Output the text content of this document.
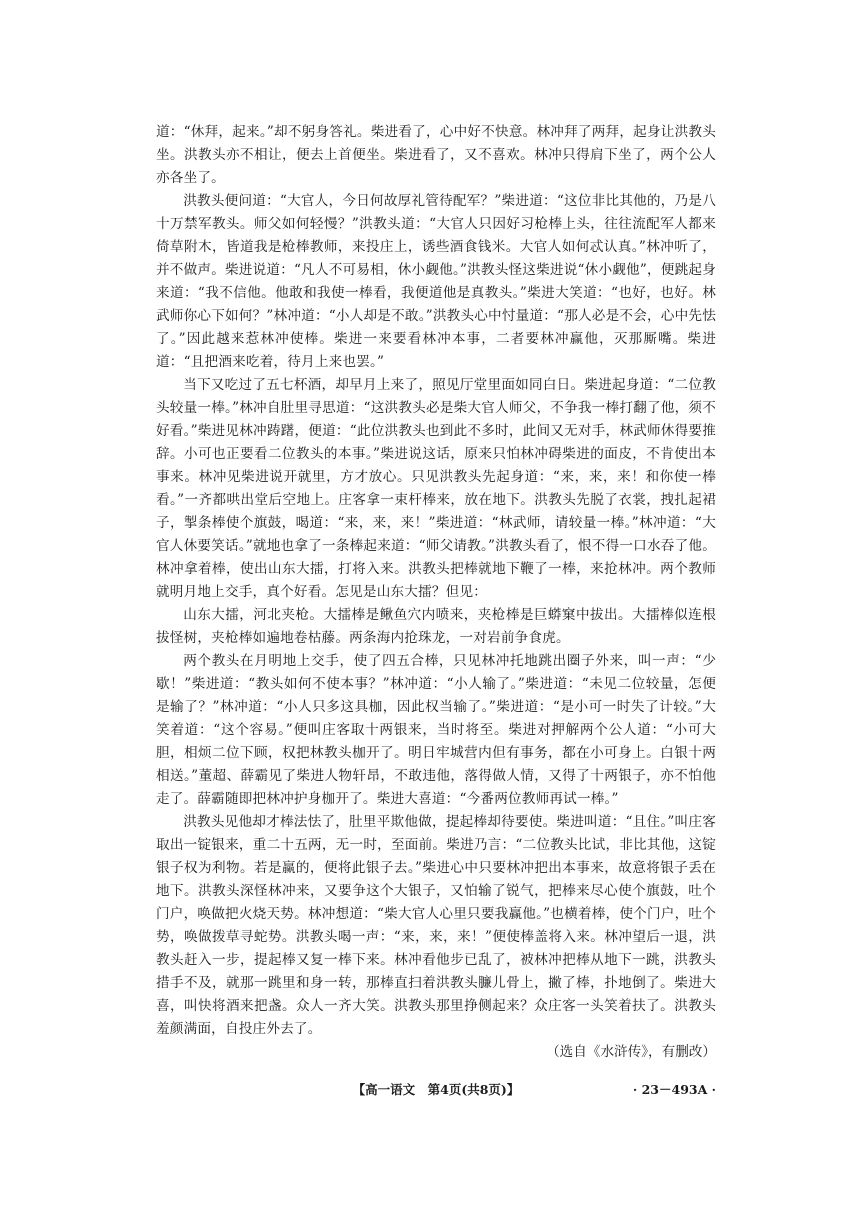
道：“休拜，起来。”却不躬身答礼。柴进看了，心中好不快意。林冲拜了两拜，起身让洪教头坐。洪教头亦不相让，便去上首便坐。柴进看了，又不喜欢。林冲只得肩下坐了，两个公人亦各坐了。

洪教头便问道：“大官人，今日何故厚礼管待配军？”柴进道：“这位非比其他的，乃是八十万禁军教头。师父如何轻慢？”洪教头道：“大官人只因好习枪棒上头，往往流配军人都来倚草附木，皆道我是枪棒教师，来投庄上，诱些酒食钱米。大官人如何忒认真。”林冲听了，并不做声。柴进说道：“凡人不可易相，休小觑他。”洪教头怪这柴进说“休小觑他”，便跳起身来道：“我不信他。他敢和我使一棒看，我便道他是真教头。”柴进大笑道：“也好，也好。林武师你心下如何？”林冲道：“小人却是不敢。”洪教头心中忖量道：“那人必是不会，心中先怯了。”因此越来惹林冲使棒。柴进一来要看林冲本事，二者要林冲赢他，灭那厮嘴。柴进道：“且把酒来吃着，待月上来也罢。”

当下又吃过了五七杯酒，却早月上来了，照见厅堂里面如同白日。柴进起身道：“二位教头较量一棒。”林冲自肚里寻思道：“这洪教头必是柴大官人师父，不争我一棒打翻了他，须不好看。”柴进见林冲踌躇，便道：“此位洪教头也到此不多时，此间又无对手，林武师休得要推辞。小可也正要看二位教头的本事。”柴进说这话，原来只怕林冲碍柴进的面皮，不肯使出本事来。林冲见柴进说开就里，方才放心。只见洪教头先起身道：“来，来，来！和你使一棒看。”一齐都哄出堂后空地上。庄客拿一束杆棒来，放在地下。洪教头先脱了衣裳，拽扎起裙子，掣条棒使个旗鼓，喝道：“来，来，来！”柴进道：“林武师，请较量一棒。”林冲道：“大官人休要笑话。”就地也拿了一条棒起来道：“师父请教。”洪教头看了，恨不得一口水吞了他。林冲拿着棒，使出山东大擂，打将入来。洪教头把棒就地下鞭了一棒，来抢林冲。两个教师就明月地上交手，真个好看。怎见是山东大擂？但见：

山东大擂，河北夹枪。大擂棒是鳅鱼穴内喷来，夹枪棒是巨蟒窠中拔出。大擂棒似连根拔怪树，夹枪棒如遍地卷枯藤。两条海内抢珠龙，一对岩前争食虎。

两个教头在月明地上交手，使了四五合棒，只见林冲托地跳出圈子外来，叫一声：“少歇！”柴进道：“教头如何不使本事？”林冲道：“小人输了。”柴进道：“未见二位较量，怎便是输了？”林冲道：“小人只多这具枷，因此权当输了。”柴进道：“是小可一时失了计较。”大笑着道：“这个容易。”便叫庄客取十两银来，当时将至。柴进对押解两个公人道：“小可大胆，相烦二位下顾，权把林教头枷开了。明日牢城营内但有事务，都在小可身上。白银十两相送。”董超、薛霸见了柴进人物轩昂，不敢违他，落得做人情，又得了十两银子，亦不怕他走了。薛霸随即把林冲护身枷开了。柴进大喜道：“今番两位教师再试一棒。”

洪教头见他却才棒法怯了，肚里平欺他做，提起棒却待要使。柴进叫道：“且住。”叫庄客取出一锭银来，重二十五两，无一时，至面前。柴进乃言：“二位教头比试，非比其他，这锭银子权为利物。若是赢的，便将此银子去。”柴进心中只要林冲把出本事来，故意将银子丢在地下。洪教头深怪林冲来，又要争这个大银子，又怕输了锐气，把棒来尽心使个旗鼓，吐个门户，唤做把火烧天势。林冲想道：“柴大官人心里只要我赢他。”也横着棒，使个门户，吐个势，唤做拨草寻蛇势。洪教头喝一声：“来，来，来！”便使棒盖将入来。林冲望后一退，洪教头赶入一步，提起棒又复一棒下来。林冲看他步已乱了，被林冲把棒从地下一跳，洪教头措手不及，就那一跳里和身一转，那棒直扫着洪教头臁儿骨上，撇了棒，扑地倒了。柴进大喜，叫快将酒来把盏。众人一齐大笑。洪教头那里挣侧起来？众庄客一头笑着扶了。洪教头羞颜满面，自投庄外去了。

（选自《水浒传》，有删改）

【高一语文　第4页(共8页)】	· 23－493A ·
